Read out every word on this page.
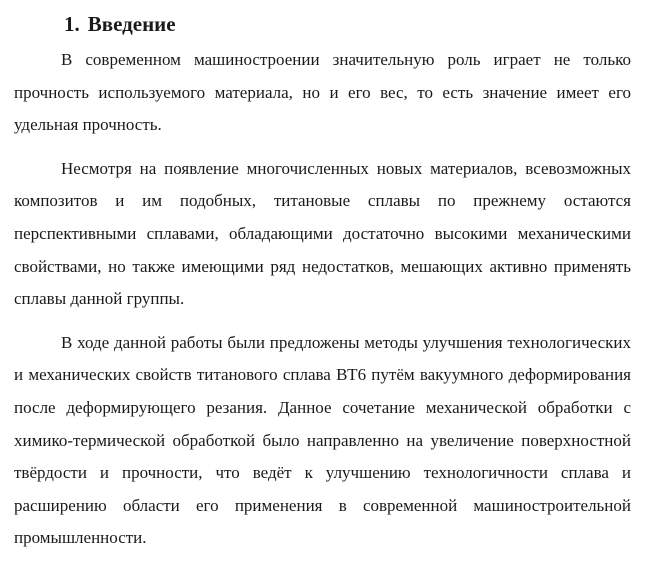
1. Введение

В современном машиностроении значительную роль играет не только прочность используемого материала, но и его вес, то есть значение имеет его удельная прочность.

Несмотря на появление многочисленных новых материалов, всевозможных композитов и им подобных, титановые сплавы по прежнему остаются перспективными сплавами, обладающими достаточно высокими механическими свойствами, но также имеющими ряд недостатков, мешающих активно применять сплавы данной группы.

В ходе данной работы были предложены методы улучшения технологических и механических свойств титанового сплава ВТ6 путём вакуумного деформирования после деформирующего резания. Данное сочетание механической обработки с химико-термической обработкой было направленно на увеличение поверхностной твёрдости и прочности, что ведёт к улучшению технологичности сплава и расширению области его применения в современной машиностроительной промышленности.
